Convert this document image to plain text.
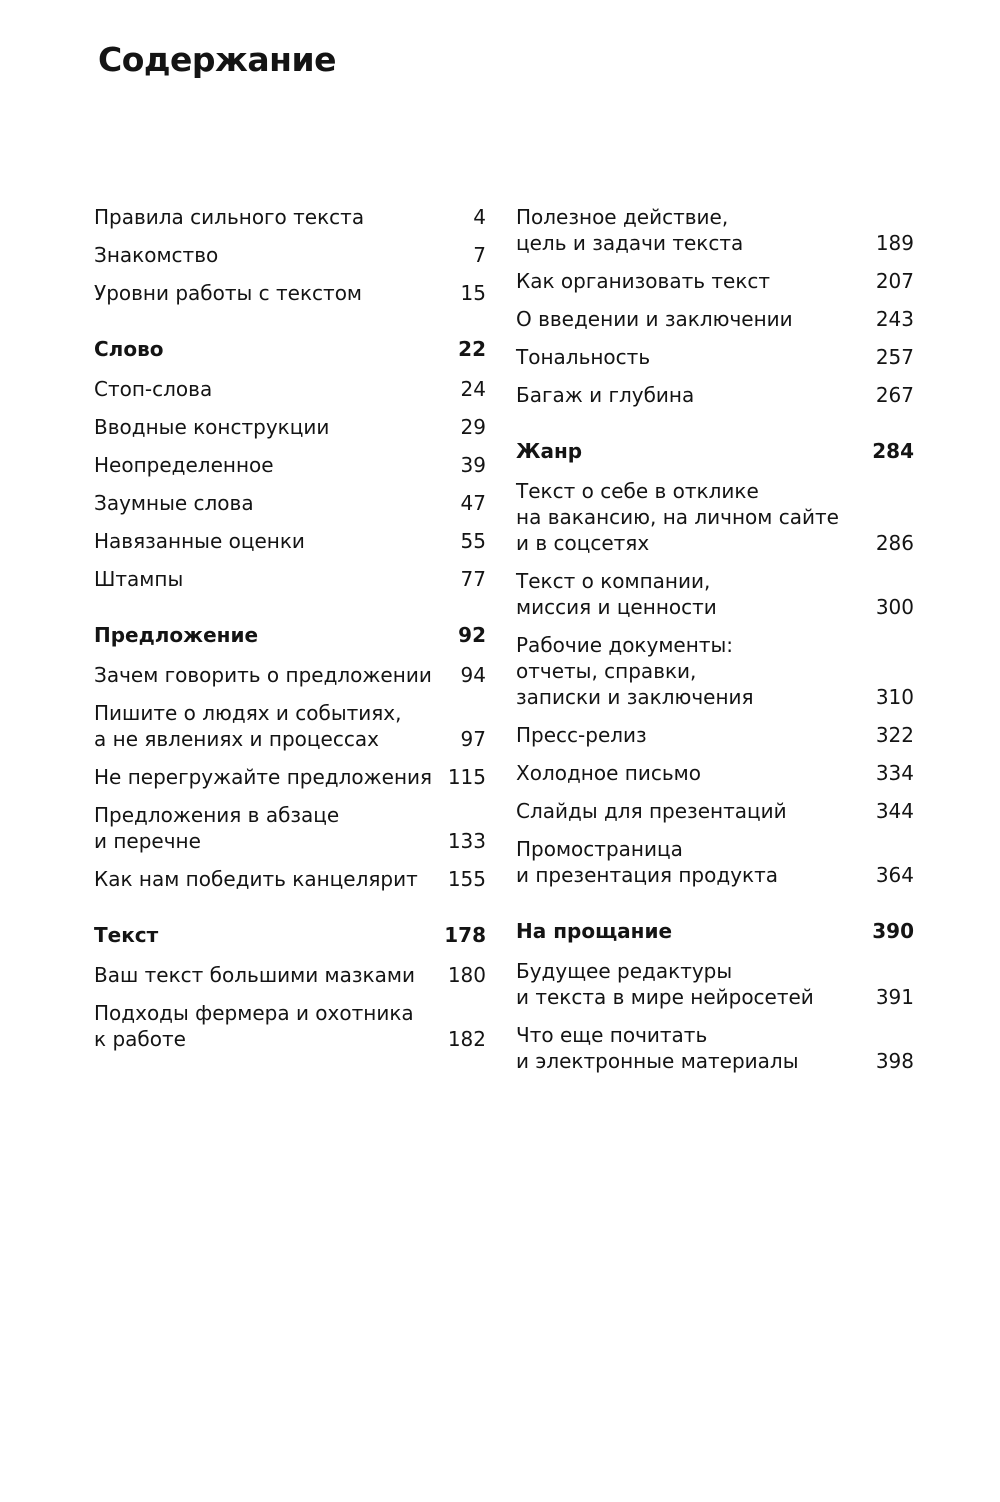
Содержание
Правила сильного текста	4
Знакомство	7
Уровни работы с текстом	15
Слово	22
Стоп-слова	24
Вводные конструкции	29
Неопределенное	39
Заумные слова	47
Навязанные оценки	55
Штампы	77
Предложение	92
Зачем говорить о предложении	94
Пишите о людях и событиях,
а не явлениях и процессах	97
Не перегружайте предложения 115
Предложения в абзаце
и перечне	133
Как нам победить канцелярит	155
Текст	178
Ваш текст большими мазками	180
Подходы фермера и охотника
к работе	182
Полезное действие,
цель и задачи текста	189
Как организовать текст	207
О введении и заключении	243
Тональность	257
Багаж и глубина	267
Жанр	284
Текст о себе в отклике
на вакансию, на личном сайте
и в соцсетях	286
Текст о компании,
миссия и ценности	300
Рабочие документы:
отчеты, справки,
записки и заключения	310
Пресс-релиз	322
Холодное письмо	334
Слайды для презентаций	344
Промостраница
и презентация продукта	364
На прощание	390
Будущее редактуры
и текста в мире нейросетей	391
Что еще почитать
и электронные материалы	398
